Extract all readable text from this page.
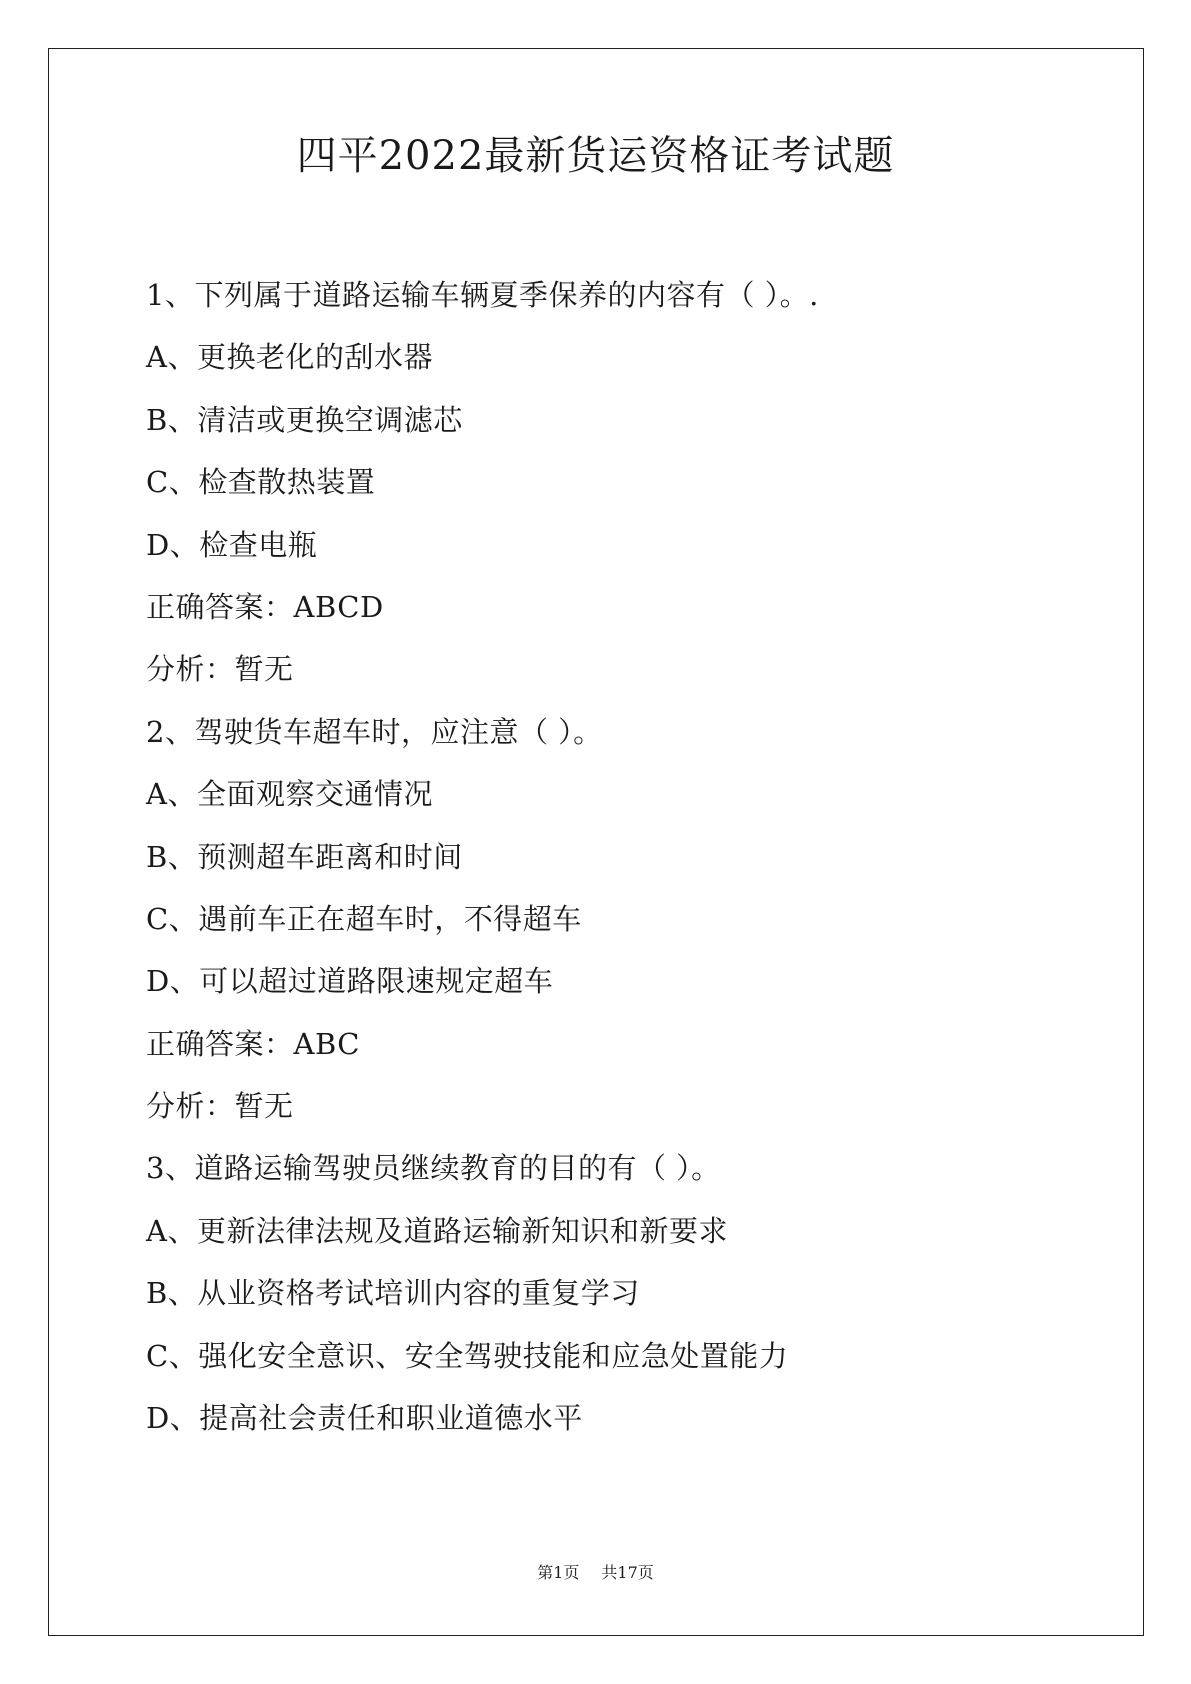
四平2022最新货运资格证考试题
1、下列属于道路运输车辆夏季保养的内容有（ ）。.
A、更换老化的刮水器
B、清洁或更换空调滤芯
C、检查散热装置
D、检查电瓶
正确答案：ABCD
分析：暂无
2、驾驶货车超车时，应注意（ ）。
A、全面观察交通情况
B、预测超车距离和时间
C、遇前车正在超车时，不得超车
D、可以超过道路限速规定超车
正确答案：ABC
分析：暂无
3、道路运输驾驶员继续教育的目的有（ ）。
A、更新法律法规及道路运输新知识和新要求
B、从业资格考试培训内容的重复学习
C、强化安全意识、安全驾驶技能和应急处置能力
D、提高社会责任和职业道德水平
第1页 共17页
